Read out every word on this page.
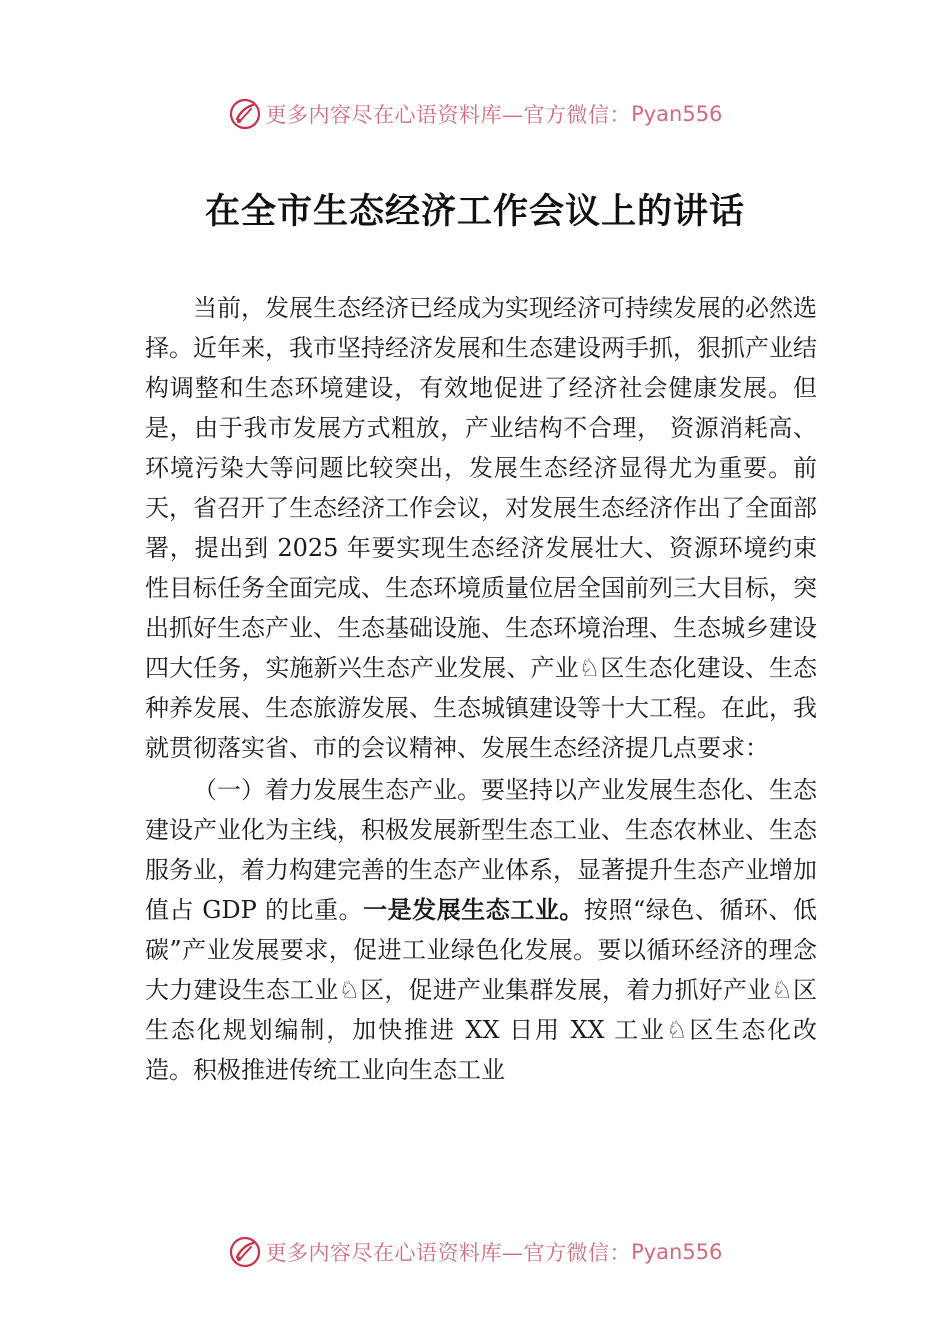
更多内容尽在心语资料库—官方微信： Pyan556
在全市生态经济工作会议上的讲话

当前，发展生态经济已经成为实现经济可持续发展的必然选择。近年来，我市坚持经济发展和生态建设两手抓，狠抓产业结构调整和生态环境建设，有效地促进了经济社会健康发展。但是，由于我市发展方式粗放，产业结构不合理， 资源消耗高、环境污染大等问题比较突出，发展生态经济显得尤为重要。前天，省召开了生态经济工作会议，对发展生态经济作出了全面部署，提出到 2025 年要实现生态经济发展壮大、资源环境约束性目标任务全面完成、生态环境质量位居全国前列三大目标，突出抓好生态产业、生态基础设施、生态环境治理、生态城乡建设四大任务，实施新兴生态产业发展、产业♘区生态化建设、生态种养发展、生态旅游发展、生态城镇建设等十大工程。在此，我就贯彻落实省、市的会议精神、发展生态经济提几点要求：

（一）着力发展生态产业。要坚持以产业发展生态化、生态建设产业化为主线，积极发展新型生态工业、生态农林业、生态服务业，着力构建完善的生态产业体系，显著提升生态产业增加值占 GDP 的比重。一是发展生态工业。按照“绿色、循环、低碳”产业发展要求，促进工业绿色化发展。要以循环经济的理念大力建设生态工业♘区，促进产业集群发展，着力抓好产业♘区生态化规划编制，加快推进 XX 日用 XX 工业♘区生态化改造。积极推进传统工业向生态工业

更多内容尽在心语资料库—官方微信： Pyan556
